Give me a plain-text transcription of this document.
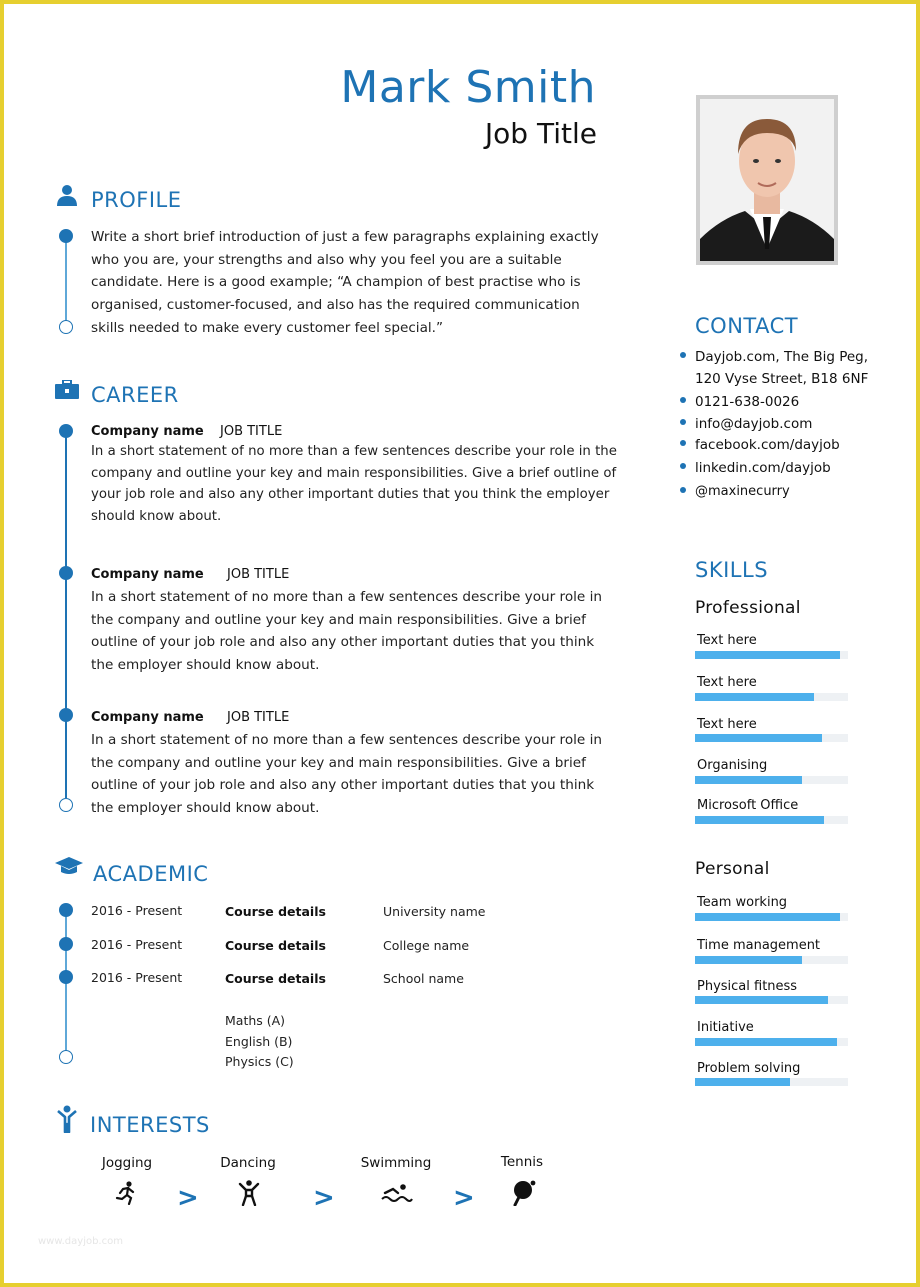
Mark Smith
Job Title
PROFILE
Write a short brief introduction of just a few paragraphs explaining exactly
who you are, your strengths and also why you feel you are a suitable
candidate. Here is a good example; “A champion of best practise who is
organised, customer-focused, and also has the required communication
skills needed to make every customer feel special.”
CAREER
Company name JOB TITLE
In a short statement of no more than a few sentences describe your role in the
company and outline your key and main responsibilities. Give a brief outline of
your job role and also any other important duties that you think the employer
should know about.
Company name JOB TITLE
In a short statement of no more than a few sentences describe your role in
the company and outline your key and main responsibilities. Give a brief
outline of your job role and also any other important duties that you think
the employer should know about.
Company name JOB TITLE
In a short statement of no more than a few sentences describe your role in
the company and outline your key and main responsibilities. Give a brief
outline of your job role and also any other important duties that you think
the employer should know about.
ACADEMIC
2016 - Present	Course details	University name
2016 - Present	Course details	College name
2016 - Present	Course details	School name
Maths (A)
English (B)
Physics (C)
INTERESTS
Jogging	Dancing	Swimming	Tennis
>	>	>
www.dayjob.com
CONTACT
Dayjob.com, The Big Peg,
120 Vyse Street, B18 6NF
0121-638-0026
info@dayjob.com
facebook.com/dayjob
linkedin.com/dayjob
@maxinecurry
SKILLS
Professional
Text here
Text here
Text here
Organising
Microsoft Office
Personal
Team working
Time management
Physical fitness
Initiative
Problem solving
